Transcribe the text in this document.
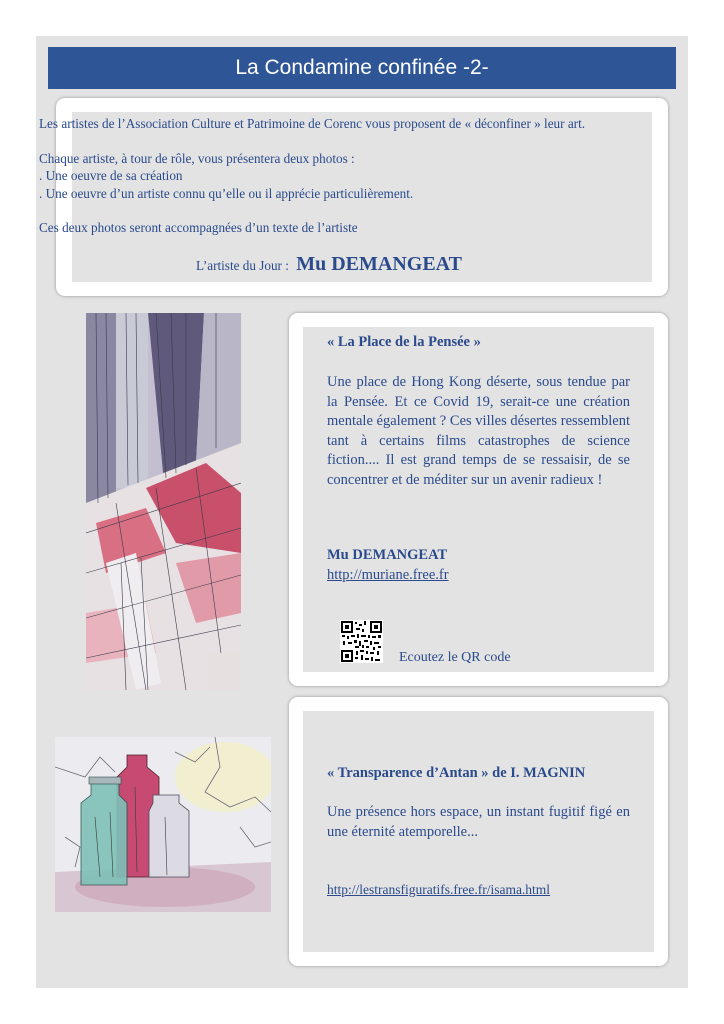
La Condamine confinée -2-

Les artistes de l’Association Culture et Patrimoine de Corenc vous proposent de « déconfiner » leur art.

Chaque artiste, à tour de rôle, vous présentera deux photos :

. Une oeuvre de sa création

. Une oeuvre d’un artiste connu qu’elle ou il apprécie particulièrement.

Ces deux photos seront accompagnées d’un texte de l’artiste

L’artiste du Jour : Mu DEMANGEAT
« La Place de la Pensée »
Une place de Hong Kong déserte, sous tendue par la Pensée. Et ce Covid 19, serait-ce une création mentale également ? Ces villes désertes ressemblent tant à certains films catastrophes de science fiction.... Il est grand temps de se ressaisir, de se concentrer et de méditer sur un avenir radieux !
Mu DEMANGEAT
http://muriane.free.fr
Ecoutez le QR code
« Transparence d’Antan » de I. MAGNIN
Une présence hors espace, un instant fugitif figé en une éternité atemporelle...
http://lestransfiguratifs.free.fr/isama.html
